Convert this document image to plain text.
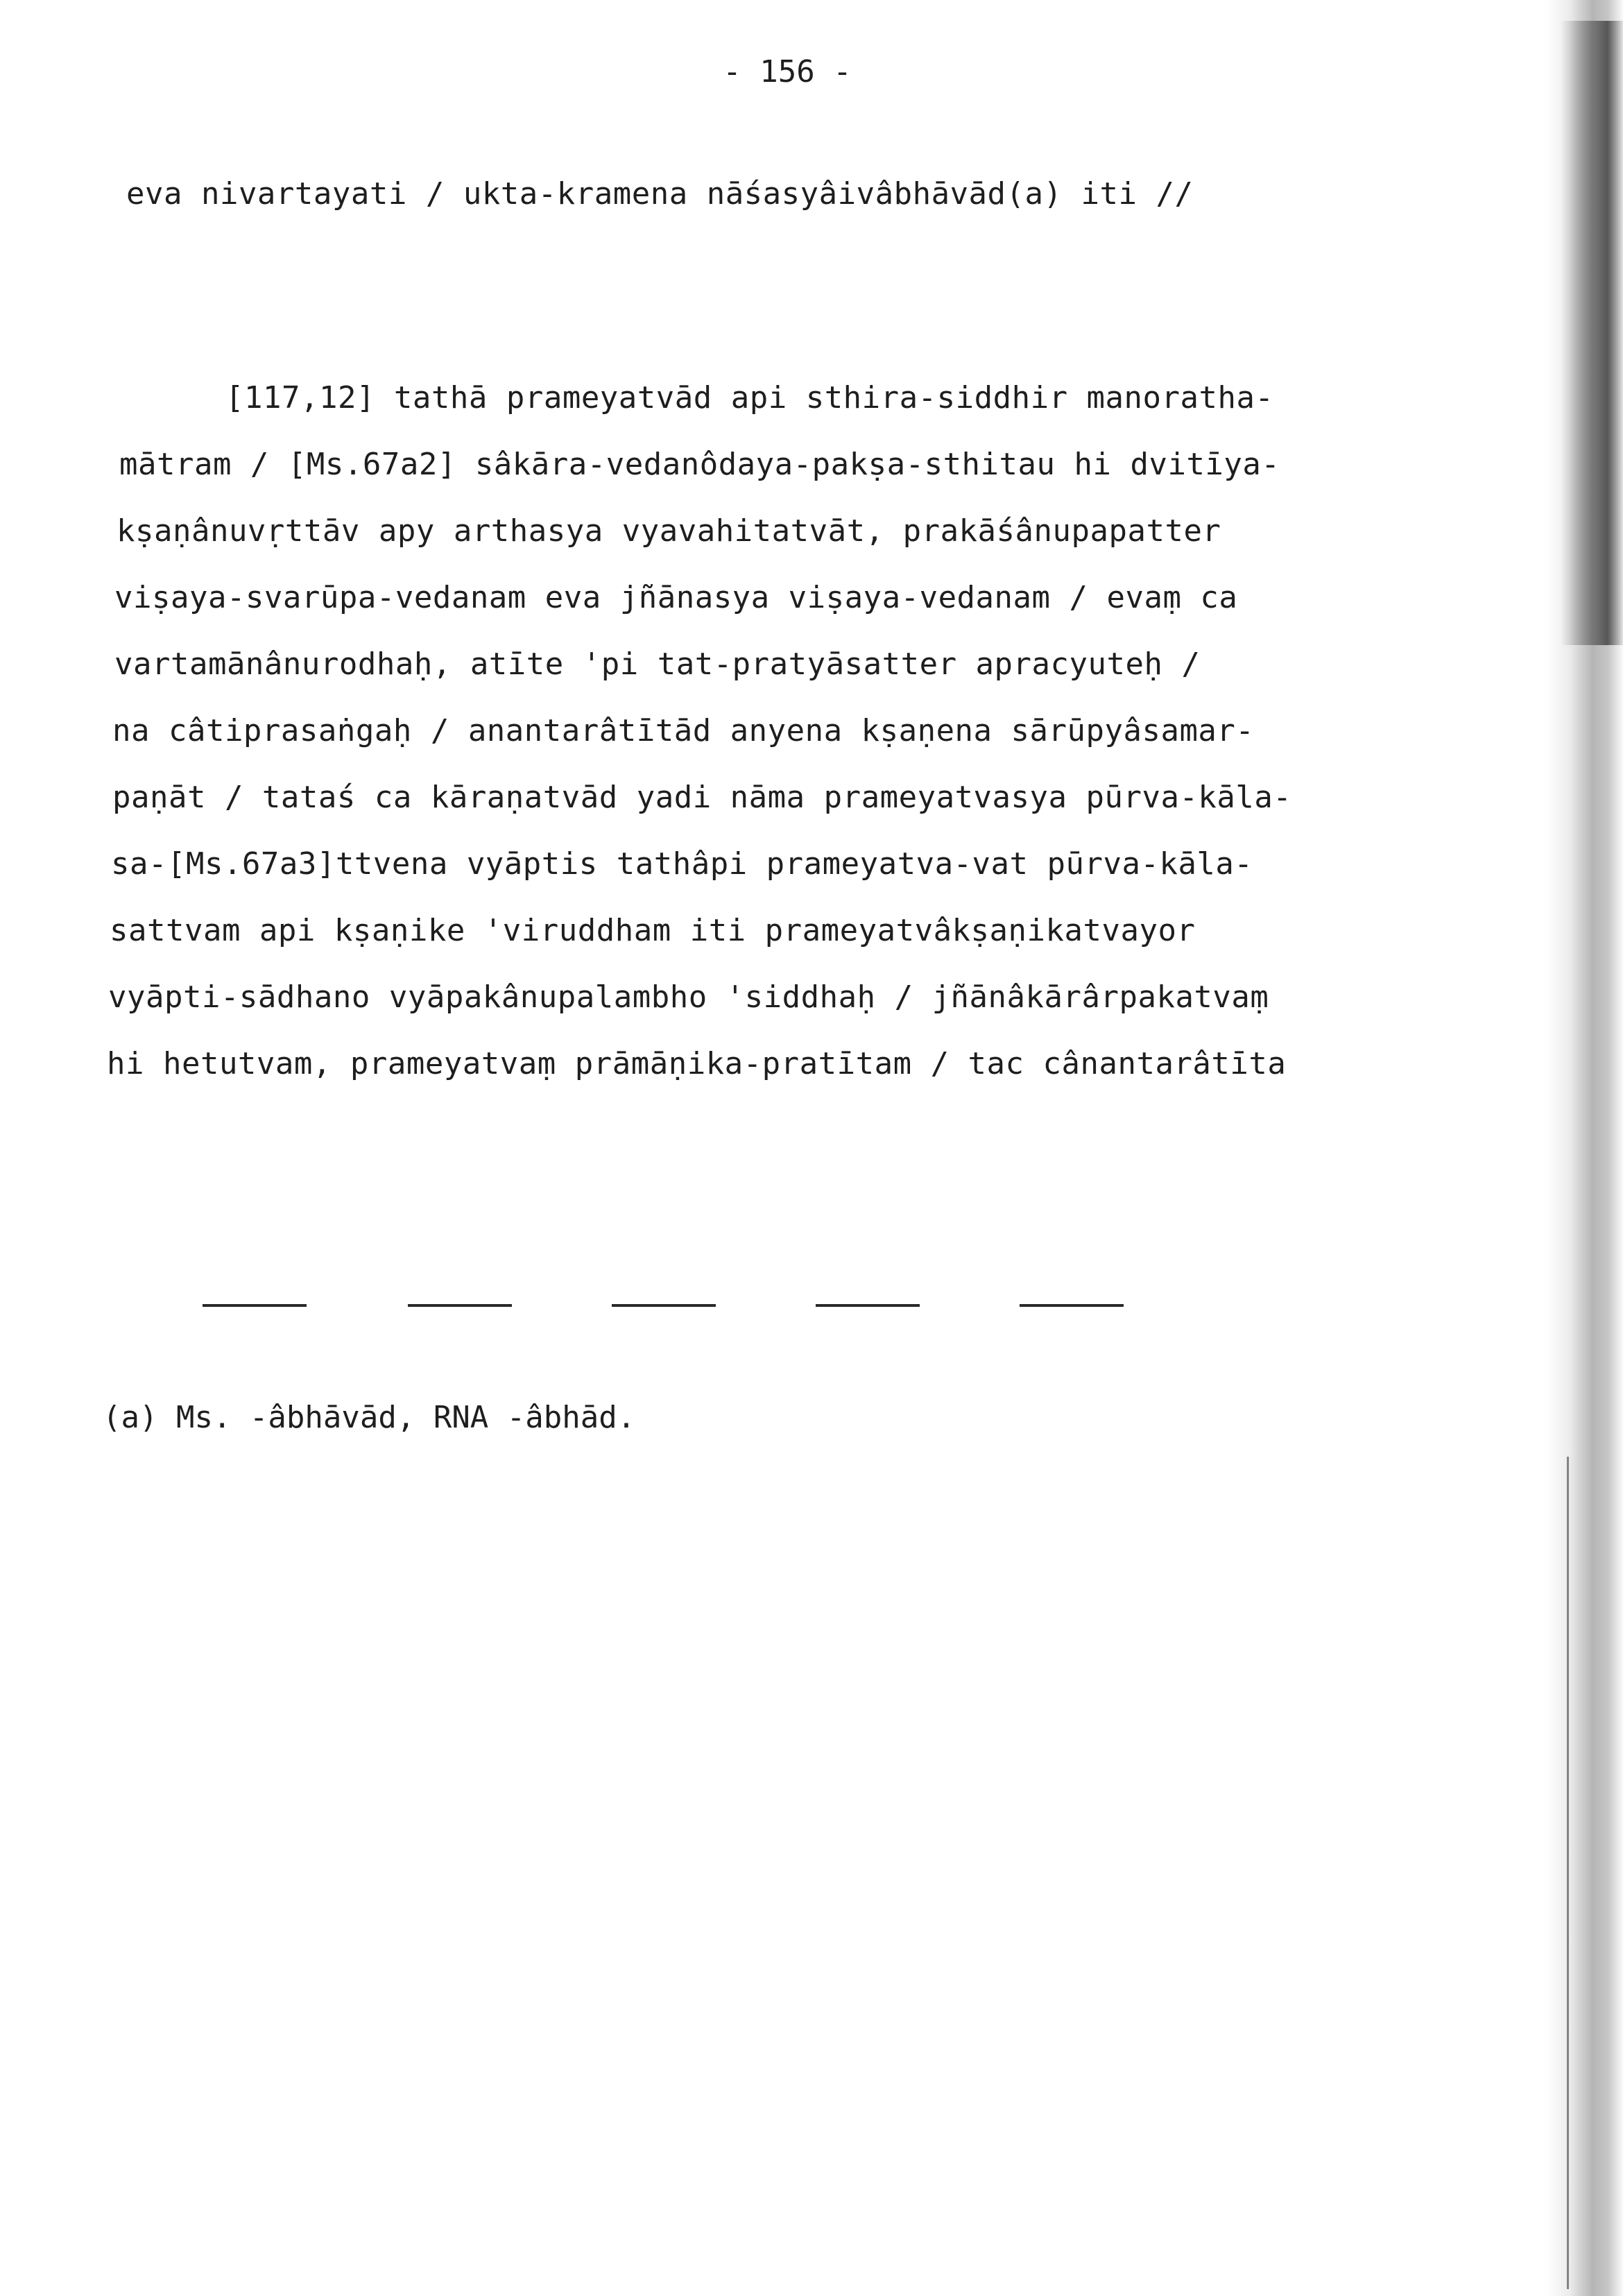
- 156 -
eva nivartayati / ukta-kramena nāśasyâivâbhāvād(a) iti //
[117,12] tathā prameyatvād api sthira-siddhir manoratha-
mātram / [Ms.67a2] sâkāra-vedanôdaya-pakṣa-sthitau hi dvitīya-
kṣaṇânuvṛttāv apy arthasya vyavahitatvāt, prakāśânupapatter
viṣaya-svarūpa-vedanam eva jñānasya viṣaya-vedanam / evaṃ ca
vartamānânurodhaḥ, atīte 'pi tat-pratyāsatter apracyuteḥ /
na câtiprasaṅgaḥ / anantarâtītād anyena kṣaṇena sārūpyâsamar-
paṇāt / tataś ca kāraṇatvād yadi nāma prameyatvasya pūrva-kāla-
sa-[Ms.67a3]ttvena vyāptis tathâpi prameyatva-vat pūrva-kāla-
sattvam api kṣaṇike 'viruddham iti prameyatvâkṣaṇikatvayor
vyāpti-sādhano vyāpakânupalambho 'siddhaḥ / jñānâkārârpakatvaṃ
hi hetutvam, prameyatvaṃ prāmāṇika-pratītam / tac cânantarâtīta
(a) Ms. -âbhāvād, RNA -âbhād.
